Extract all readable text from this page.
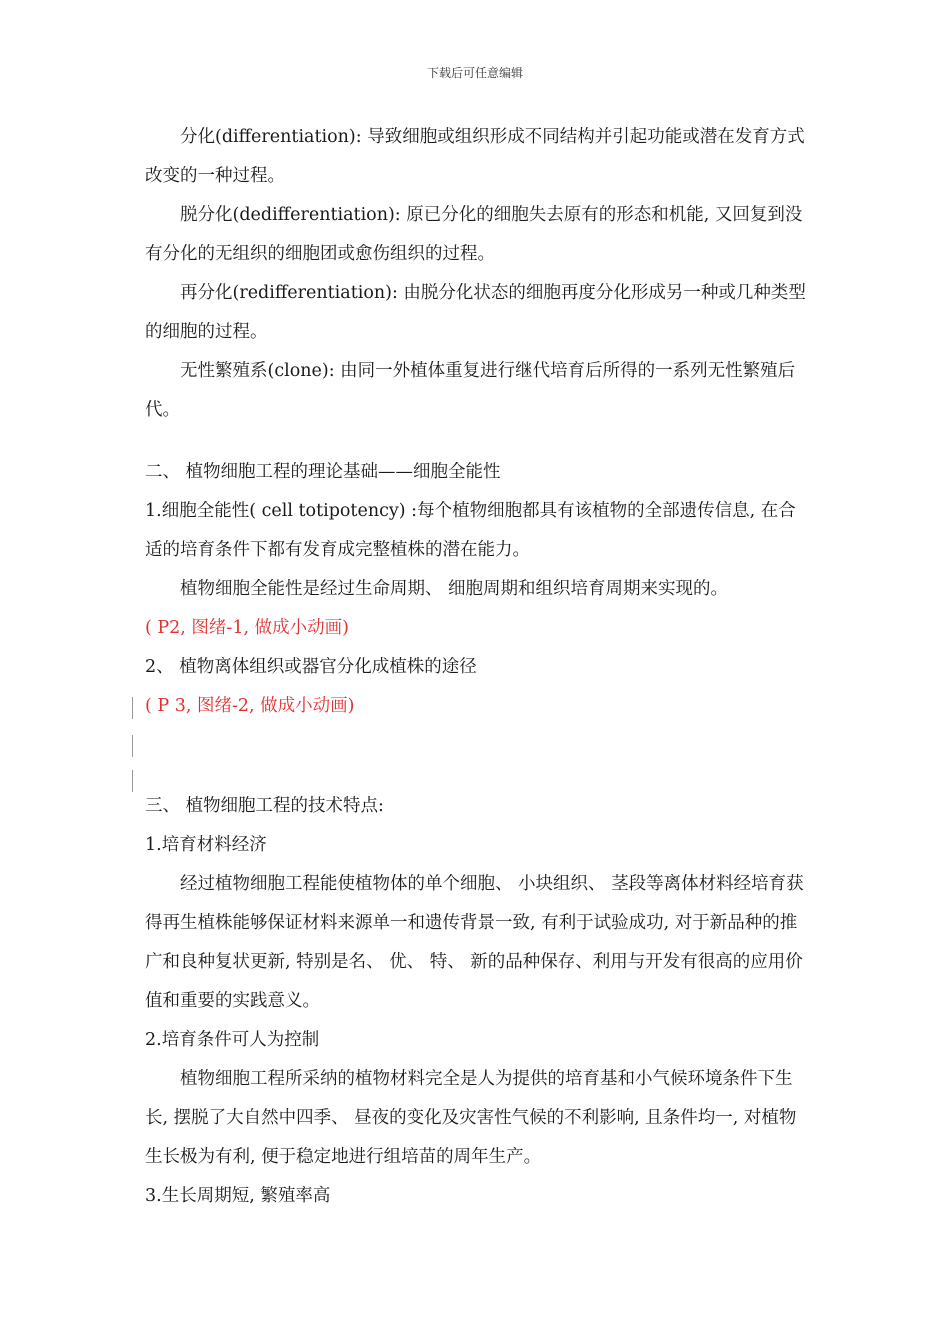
下载后可任意编辑

分化(differentiation): 导致细胞或组织形成不同结构并引起功能或潜在发育方式改变的一种过程。

脱分化(dedifferentiation): 原已分化的细胞失去原有的形态和机能, 又回复到没有分化的无组织的细胞团或愈伤组织的过程。

再分化(redifferentiation): 由脱分化状态的细胞再度分化形成另一种或几种类型的细胞的过程。

无性繁殖系(clone): 由同一外植体重复进行继代培育后所得的一系列无性繁殖后代。

二、 植物细胞工程的理论基础——细胞全能性

1.细胞全能性( cell totipotency) :每个植物细胞都具有该植物的全部遗传信息, 在合适的培育条件下都有发育成完整植株的潜在能力。

植物细胞全能性是经过生命周期、 细胞周期和组织培育周期来实现的。

( P2, 图绪-1, 做成小动画)

2、 植物离体组织或器官分化成植株的途径

( P 3, 图绪-2, 做成小动画)

三、 植物细胞工程的技术特点:

1.培育材料经济

经过植物细胞工程能使植物体的单个细胞、 小块组织、 茎段等离体材料经培育获得再生植株能够保证材料来源单一和遗传背景一致, 有利于试验成功, 对于新品种的推广和良种复状更新, 特别是名、 优、 特、 新的品种保存、利用与开发有很高的应用价值和重要的实践意义。

2.培育条件可人为控制

植物细胞工程所采纳的植物材料完全是人为提供的培育基和小气候环境条件下生长, 摆脱了大自然中四季、 昼夜的变化及灾害性气候的不利影响, 且条件均一, 对植物生长极为有利, 便于稳定地进行组培苗的周年生产。

3.生长周期短, 繁殖率高
